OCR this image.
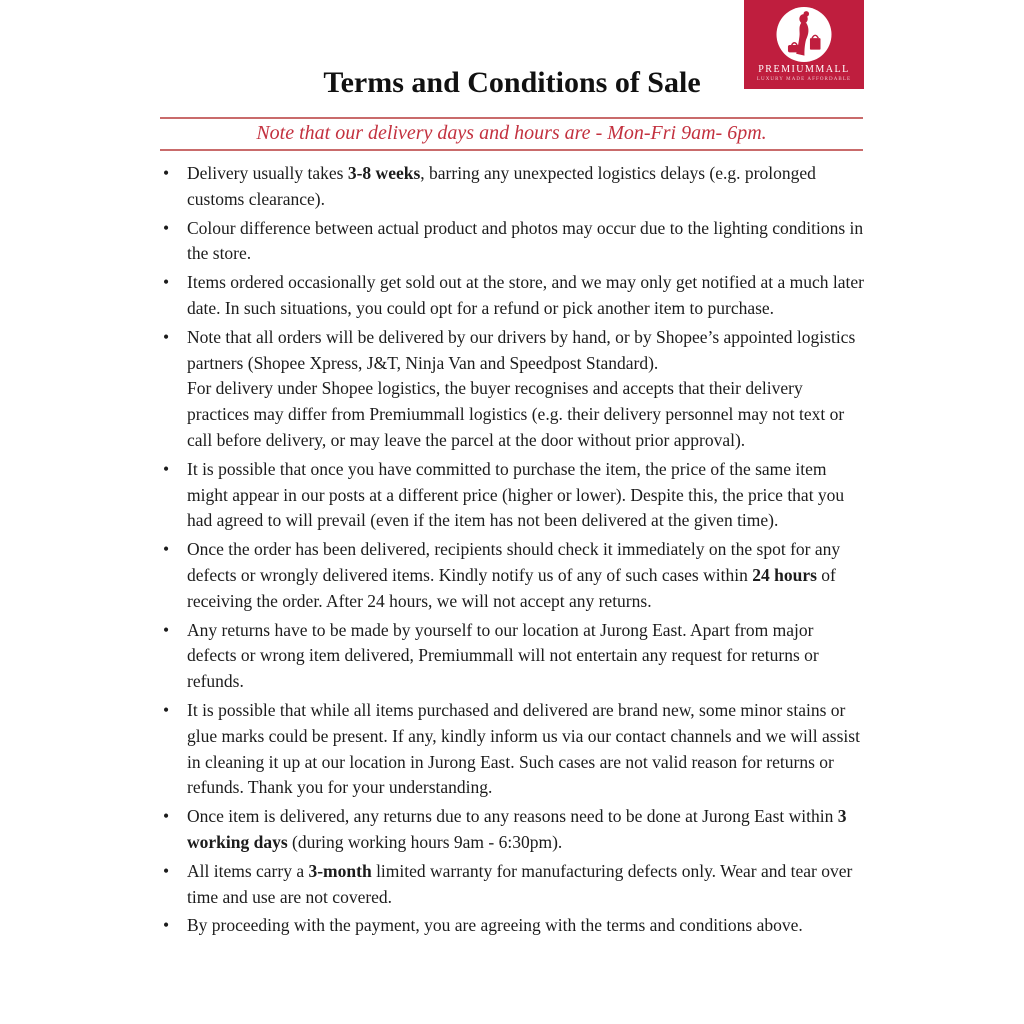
PREMIUMMALL
LUXURY MADE AFFORDABLE
Terms and Conditions of Sale
Note that our delivery days and hours are - Mon-Fri 9am- 6pm.
• Delivery usually takes 3-8 weeks, barring any unexpected logistics delays (e.g. prolonged customs clearance).
• Colour difference between actual product and photos may occur due to the lighting conditions in the store.
• Items ordered occasionally get sold out at the store, and we may only get notified at a much later date. In such situations, you could opt for a refund or pick another item to purchase.
• Note that all orders will be delivered by our drivers by hand, or by Shopee’s appointed logistics partners (Shopee Xpress, J&T, Ninja Van and Speedpost Standard).
For delivery under Shopee logistics, the buyer recognises and accepts that their delivery practices may differ from Premiummall logistics (e.g. their delivery personnel may not text or call before delivery, or may leave the parcel at the door without prior approval).
• It is possible that once you have committed to purchase the item, the price of the same item might appear in our posts at a different price (higher or lower). Despite this, the price that you had agreed to will prevail (even if the item has not been delivered at the given time).
• Once the order has been delivered, recipients should check it immediately on the spot for any defects or wrongly delivered items. Kindly notify us of any of such cases within 24 hours of receiving the order. After 24 hours, we will not accept any returns.
• Any returns have to be made by yourself to our location at Jurong East. Apart from major defects or wrong item delivered, Premiummall will not entertain any request for returns or refunds.
• It is possible that while all items purchased and delivered are brand new, some minor stains or glue marks could be present. If any, kindly inform us via our contact channels and we will assist in cleaning it up at our location in Jurong East. Such cases are not valid reason for returns or refunds. Thank you for your understanding.
• Once item is delivered, any returns due to any reasons need to be done at Jurong East within 3 working days (during working hours 9am - 6:30pm).
• All items carry a 3-month limited warranty for manufacturing defects only. Wear and tear over time and use are not covered.
• By proceeding with the payment, you are agreeing with the terms and conditions above.
